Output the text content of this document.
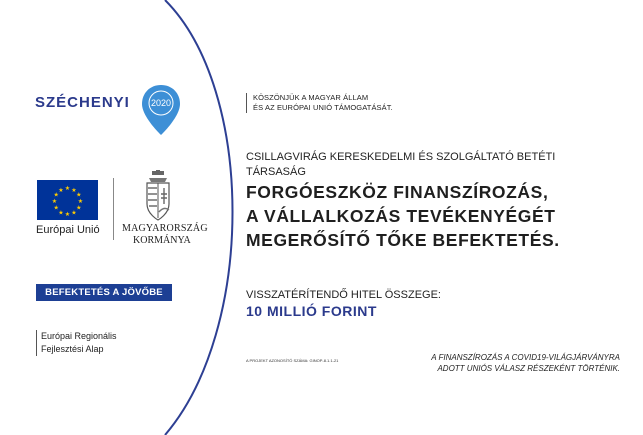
SZÉCHENYI 2020
★ ★
★
★
★
★
★
★
★
★
★
★
Európai Unió MAGYARORSZÁG
KORMÁNYA
BEFEKTETÉS A JÖVŐBE
Európai Regionális
Fejlesztési Alap
KÖSZÖNJÜK A MAGYAR ÁLLAM
ÉS AZ EURÓPAI UNIÓ TÁMOGATÁSÁT.
CSILLAGVIRÁG KERESKEDELMI ÉS SZOLGÁLTATÓ BETÉTI
TÁRSASÁG
FORGÓESZKÖZ FINANSZÍROZÁS,
A VÁLLALKOZÁS TEVÉKENYÉGÉT
MEGERŐSÍTŐ TŐKE BEFEKTETÉS.
VISSZATÉRÍTENDŐ HITEL ÖSSZEGE:
10 MILLIÓ FORINT
A PROJEKT AZONOSÍTÓ SZÁMA: GINOP-8.1.1-21	A FINANSZÍROZÁS A COVID19-VILÁGJÁRVÁNYRA
ADOTT UNIÓS VÁLASZ RÉSZEKÉNT TÖRTÉNIK.
